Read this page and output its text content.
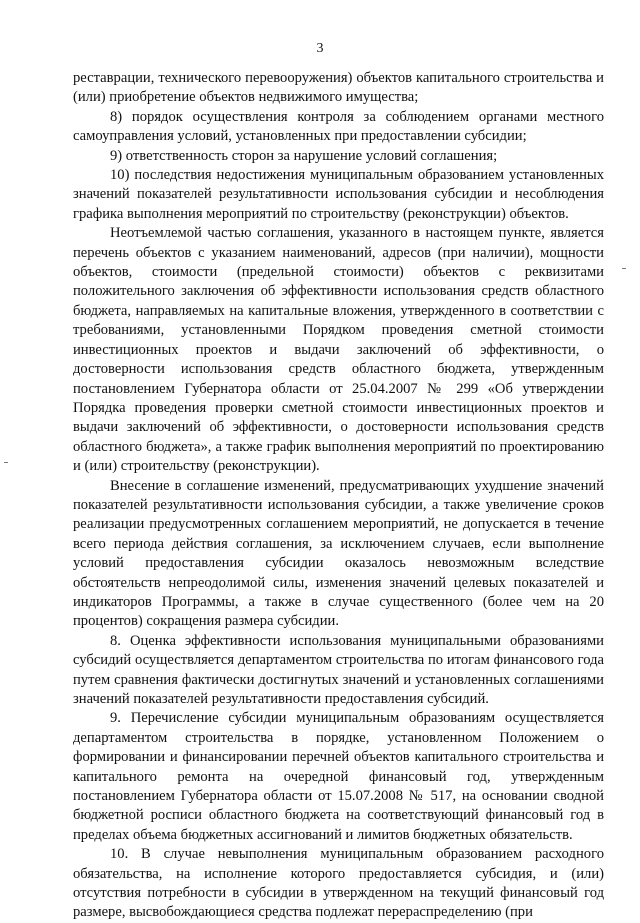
3

реставрации, технического перевооружения) объектов капитального строительства и (или) приобретение объектов недвижимого имущества;

8) порядок осуществления контроля за соблюдением органами местного самоуправления условий, установленных при предоставлении субсидии;

9) ответственность сторон за нарушение условий соглашения;

10) последствия недостижения муниципальным образованием установленных значений показателей результативности использования субсидии и несоблюдения графика выполнения мероприятий по строительству (реконструкции) объектов.

Неотъемлемой частью соглашения, указанного в настоящем пункте, является перечень объектов с указанием наименований, адресов (при наличии), мощности объектов, стоимости (предельной стоимости) объектов с реквизитами положительного заключения об эффективности использования средств областного бюджета, направляемых на капитальные вложения, утвержденного в соответствии с требованиями, установленными Порядком проведения сметной стоимости инвестиционных проектов и выдачи заключений об эффективности, о достоверности использования средств областного бюджета, утвержденным постановлением Губернатора области от 25.04.2007 № 299 «Об утверждении Порядка проведения проверки сметной стоимости инвестиционных проектов и выдачи заключений об эффективности, о достоверности использования средств областного бюджета», а также график выполнения мероприятий по проектированию и (или) строительству (реконструкции).

Внесение в соглашение изменений, предусматривающих ухудшение значений показателей результативности использования субсидии, а также увеличение сроков реализации предусмотренных соглашением мероприятий, не допускается в течение всего периода действия соглашения, за исключением случаев, если выполнение условий предоставления субсидии оказалось невозможным вследствие обстоятельств непреодолимой силы, изменения значений целевых показателей и индикаторов Программы, а также в случае существенного (более чем на 20 процентов) сокращения размера субсидии.

8. Оценка эффективности использования муниципальными образованиями субсидий осуществляется департаментом строительства по итогам финансового года путем сравнения фактически достигнутых значений и установленных соглашениями значений показателей результативности предоставления субсидий.

9. Перечисление субсидии муниципальным образованиям осуществляется департаментом строительства в порядке, установленном Положением о формировании и финансировании перечней объектов капитального строительства и капитального ремонта на очередной финансовый год, утвержденным постановлением Губернатора области от 15.07.2008 № 517, на основании сводной бюджетной росписи областного бюджета на соответствующий финансовый год в пределах объема бюджетных ассигнований и лимитов бюджетных обязательств.

10. В случае невыполнения муниципальным образованием расходного обязательства, на исполнение которого предоставляется субсидия, и (или) отсутствия потребности в субсидии в утвержденном на текущий финансовый год размере, высвобождающиеся средства подлежат перераспределению (при
